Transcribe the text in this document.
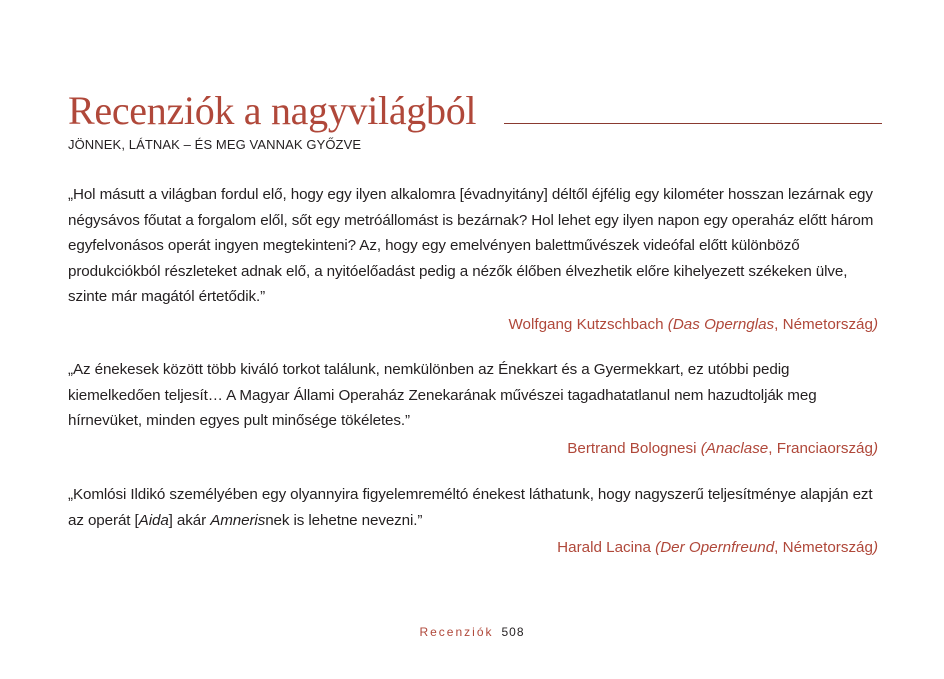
Recenziók a nagyvilágból
JÖNNEK, LÁTNAK – ÉS MEG VANNAK GYŐZVE

„Hol másutt a világban fordul elő, hogy egy ilyen alkalomra [évadnyitány] déltől éjfélig egy kilométer hosszan lezárnak egy négysávos főutat a forgalom elől, sőt egy metróállomást is bezárnak? Hol lehet egy ilyen napon egy operaház előtt három egyfelvonásos operát ingyen megtekinteni? Az, hogy egy emelvényen balettművészek videófal előtt különböző produkciókból részleteket adnak elő, a nyitóelőadást pedig a nézők élőben élvezhetik előre kihelyezett székeken ülve, szinte már magától értetődik.”

Wolfgang Kutzschbach (Das Opernglas, Németország)

„Az énekesek között több kiváló torkot találunk, nemkülönben az Énekkart és a Gyermekkart, ez utóbbi pedig kiemelkedően teljesít… A Magyar Állami Operaház Zenekarának művészei tagadhatatlanul nem hazudtolják meg hírnevüket, minden egyes pult minősége tökéletes.”

Bertrand Bolognesi (Anaclase, Franciaország)

„Komlósi Ildikó személyében egy olyannyira figyelemreméltó énekest láthatunk, hogy nagyszerű teljesítménye alapján ezt az operát [Aida] akár Amnerisnek is lehetne nevezni.”

Harald Lacina (Der Opernfreund, Németország)

Recenziók 508
